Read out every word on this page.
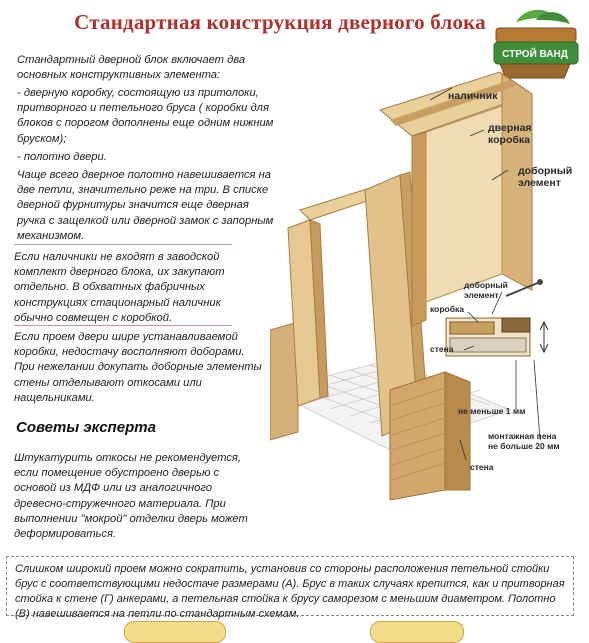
Стандартная конструкция дверного блока
СТРОЙ ВАНД

Стандартный дверной блок включает два основных конструктивных элемента:

- дверную коробку, состоящую из притолоки, притворного и петельного бруса ( коробки для блоков с порогом дополнены еще одним нижним бруском);

- полотно двери.

Чаще всего дверное полотно навешивается на две петли, значительно реже на три. В списке дверной фурнитуры значится еще дверная ручка с защелкой или дверной замок с запорным механизмом.

Если наличники не входят в заводской комплект дверного блока, их закупают отдельно. В обхватных фабричных конструкциях стационарный наличник обычно совмещен с коробкой.

Если проем двери шире устанавливаемой коробки, недостачу восполняют доборами. При нежелании докупать доборные элементы стены отделывают откосами или нащельниками.

Советы эксперта

Штукатурить откосы не рекомендуется, если помещение обустроено дверью с основой из МДФ или из аналогичного древесно-стружечного материала. При выполнении "мокрой" отделки дверь может деформироваться.

Слишком широкий проем можно сократить, установив со стороны расположения петельной стойки брус с соответствующими недостаче размерами (А). Брус в таких случаях крепится, как и притворная стойка к стене (Г) анкерами, а петельная стойка к брусу саморезом с меньшим диаметром. Полотно (В) навешивается на петли по стандартным схемам.
наличник
дверная
коробка
доборный
элемент
доборный
элемент
коробка
стена
не меньше 1 мм
монтажная пена
не больше 20 мм
стена
